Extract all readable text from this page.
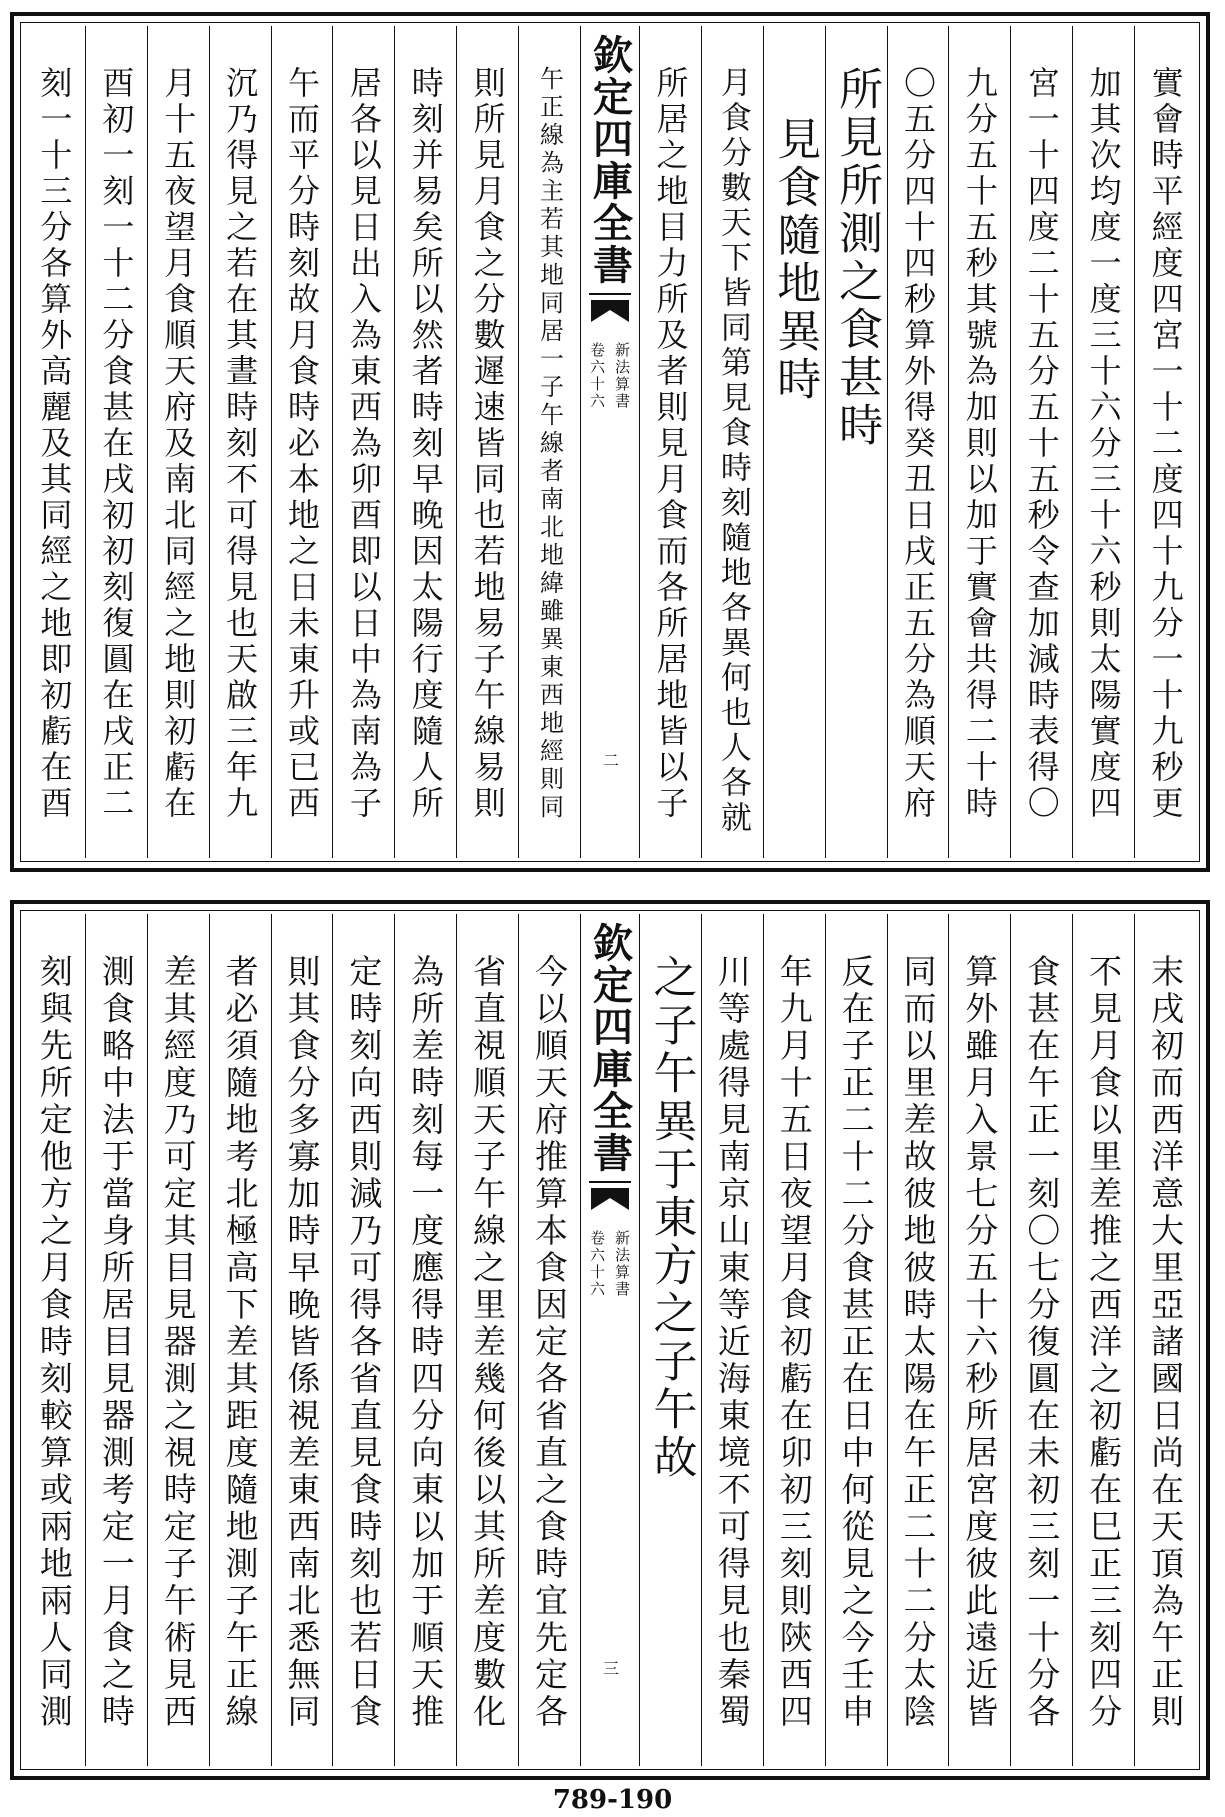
實會時平經度四宮一十二度四十九分一十九秒更
加其次均度一度三十六分三十六秒則太陽實度四
宮一十四度二十五分五十五秒令查加減時表得〇
九分五十五秒其號為加則以加于實會共得二十時
〇五分四十四秒算外得癸丑日戌正五分為順天府
所見所測之食甚時
見食隨地異時
月食分數天下皆同第見食時刻隨地各異何也人各就
所居之地目力所及者則見月食而各所居地皆以子
欽定四庫全書
新法算書
卷六十六
二
午正線為主若其地同居一子午線者南北地緯雖異東西地經則同
則所見月食之分數遲速皆同也若地易子午線易則
時刻并易矣所以然者時刻早晚因太陽行度隨人所
居各以見日出入為東西為卯酉即以日中為南為子
午而平分時刻故月食時必本地之日未東升或已西
沉乃得見之若在其晝時刻不可得見也天啟三年九
月十五夜望月食順天府及南北同經之地則初虧在
酉初一刻一十二分食甚在戌初初刻復圓在戌正二
刻一十三分各算外高麗及其同經之地即初虧在酉
末戌初而西洋意大里亞諸國日尚在天頂為午正則
不見月食以里差推之西洋之初虧在巳正三刻四分
食甚在午正一刻〇七分復圓在未初三刻一十分各
算外雖月入景七分五十六秒所居宮度彼此遠近皆
同而以里差故彼地彼時太陽在午正二十二分太陰
反在子正二十二分食甚正在日中何從見之今壬申
年九月十五日夜望月食初虧在卯初三刻則陝西四
川等處得見南京山東等近海東境不可得見也秦蜀
之子午異于東方之子午故
欽定四庫全書
新法算書
卷六十六
三
今以順天府推算本食因定各省直之食時宜先定各
省直視順天子午線之里差幾何後以其所差度數化
為所差時刻每一度應得時四分向東以加于順天推
定時刻向西則減乃可得各省直見食時刻也若日食
則其食分多寡加時早晚皆係視差東西南北悉無同
者必須隨地考北極高下差其距度隨地測子午正線
差其經度乃可定其目見器測之視時定子午術見西
測食略中法于當身所居目見器測考定一月食之時
刻與先所定他方之月食時刻較算或兩地兩人同測
789-190
